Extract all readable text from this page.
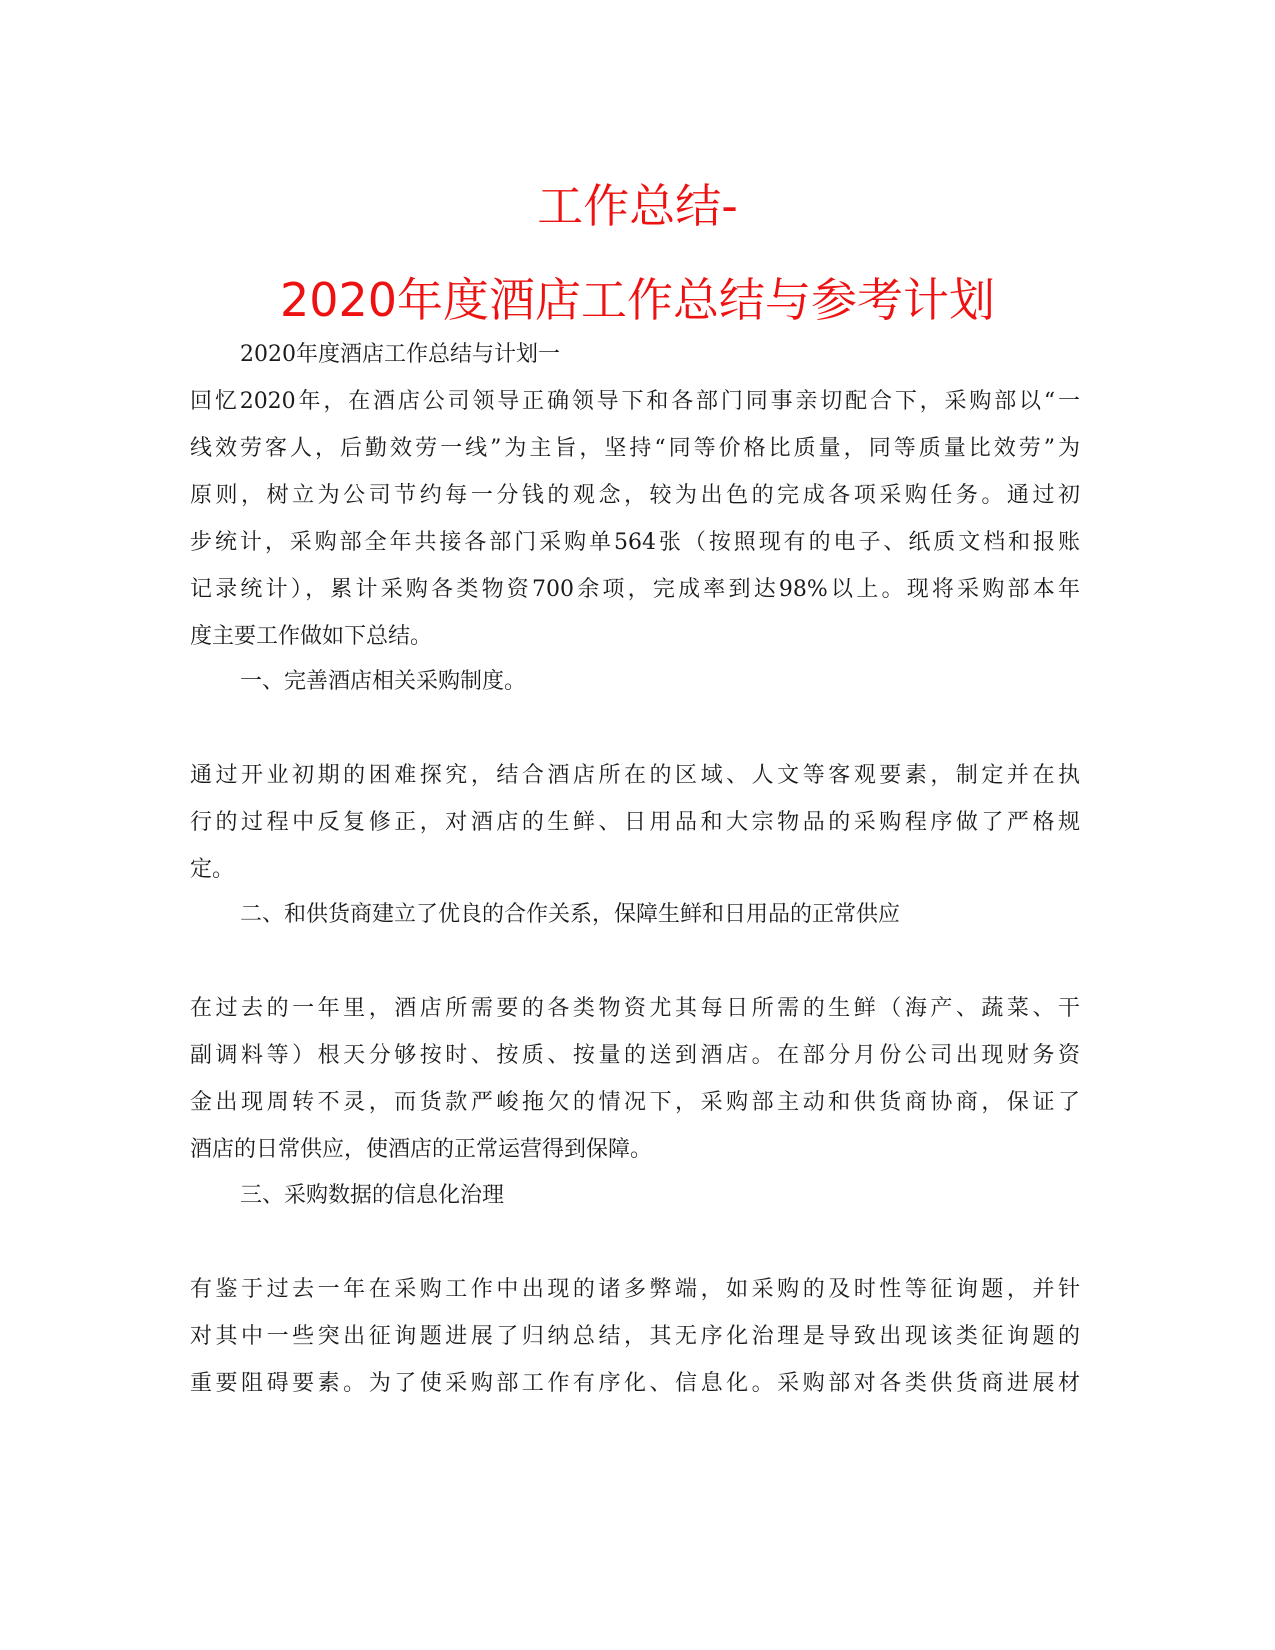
工作总结-
2020年度酒店工作总结与参考计划

2020年度酒店工作总结与计划一

回忆2020年，在酒店公司领导正确领导下和各部门同事亲切配合下，采购部以“一
线效劳客人，后勤效劳一线”为主旨，坚持“同等价格比质量，同等质量比效劳”为
原则，树立为公司节约每一分钱的观念，较为出色的完成各项采购任务。通过初
步统计，采购部全年共接各部门采购单564张（按照现有的电子、纸质文档和报账
记录统计），累计采购各类物资700余项，完成率到达98%以上。现将采购部本年
度主要工作做如下总结。

一、完善酒店相关采购制度。

通过开业初期的困难探究，结合酒店所在的区域、人文等客观要素，制定并在执
行的过程中反复修正，对酒店的生鲜、日用品和大宗物品的采购程序做了严格规
定。

二、和供货商建立了优良的合作关系，保障生鲜和日用品的正常供应

在过去的一年里，酒店所需要的各类物资尤其每日所需的生鲜（海产、蔬菜、干
副调料等）根天分够按时、按质、按量的送到酒店。在部分月份公司出现财务资
金出现周转不灵，而货款严峻拖欠的情况下，采购部主动和供货商协商，保证了
酒店的日常供应，使酒店的正常运营得到保障。

三、采购数据的信息化治理

有鉴于过去一年在采购工作中出现的诸多弊端，如采购的及时性等征询题，并针
对其中一些突出征询题进展了归纳总结，其无序化治理是导致出现该类征询题的
重要阻碍要素。为了使采购部工作有序化、信息化。采购部对各类供货商进展材
